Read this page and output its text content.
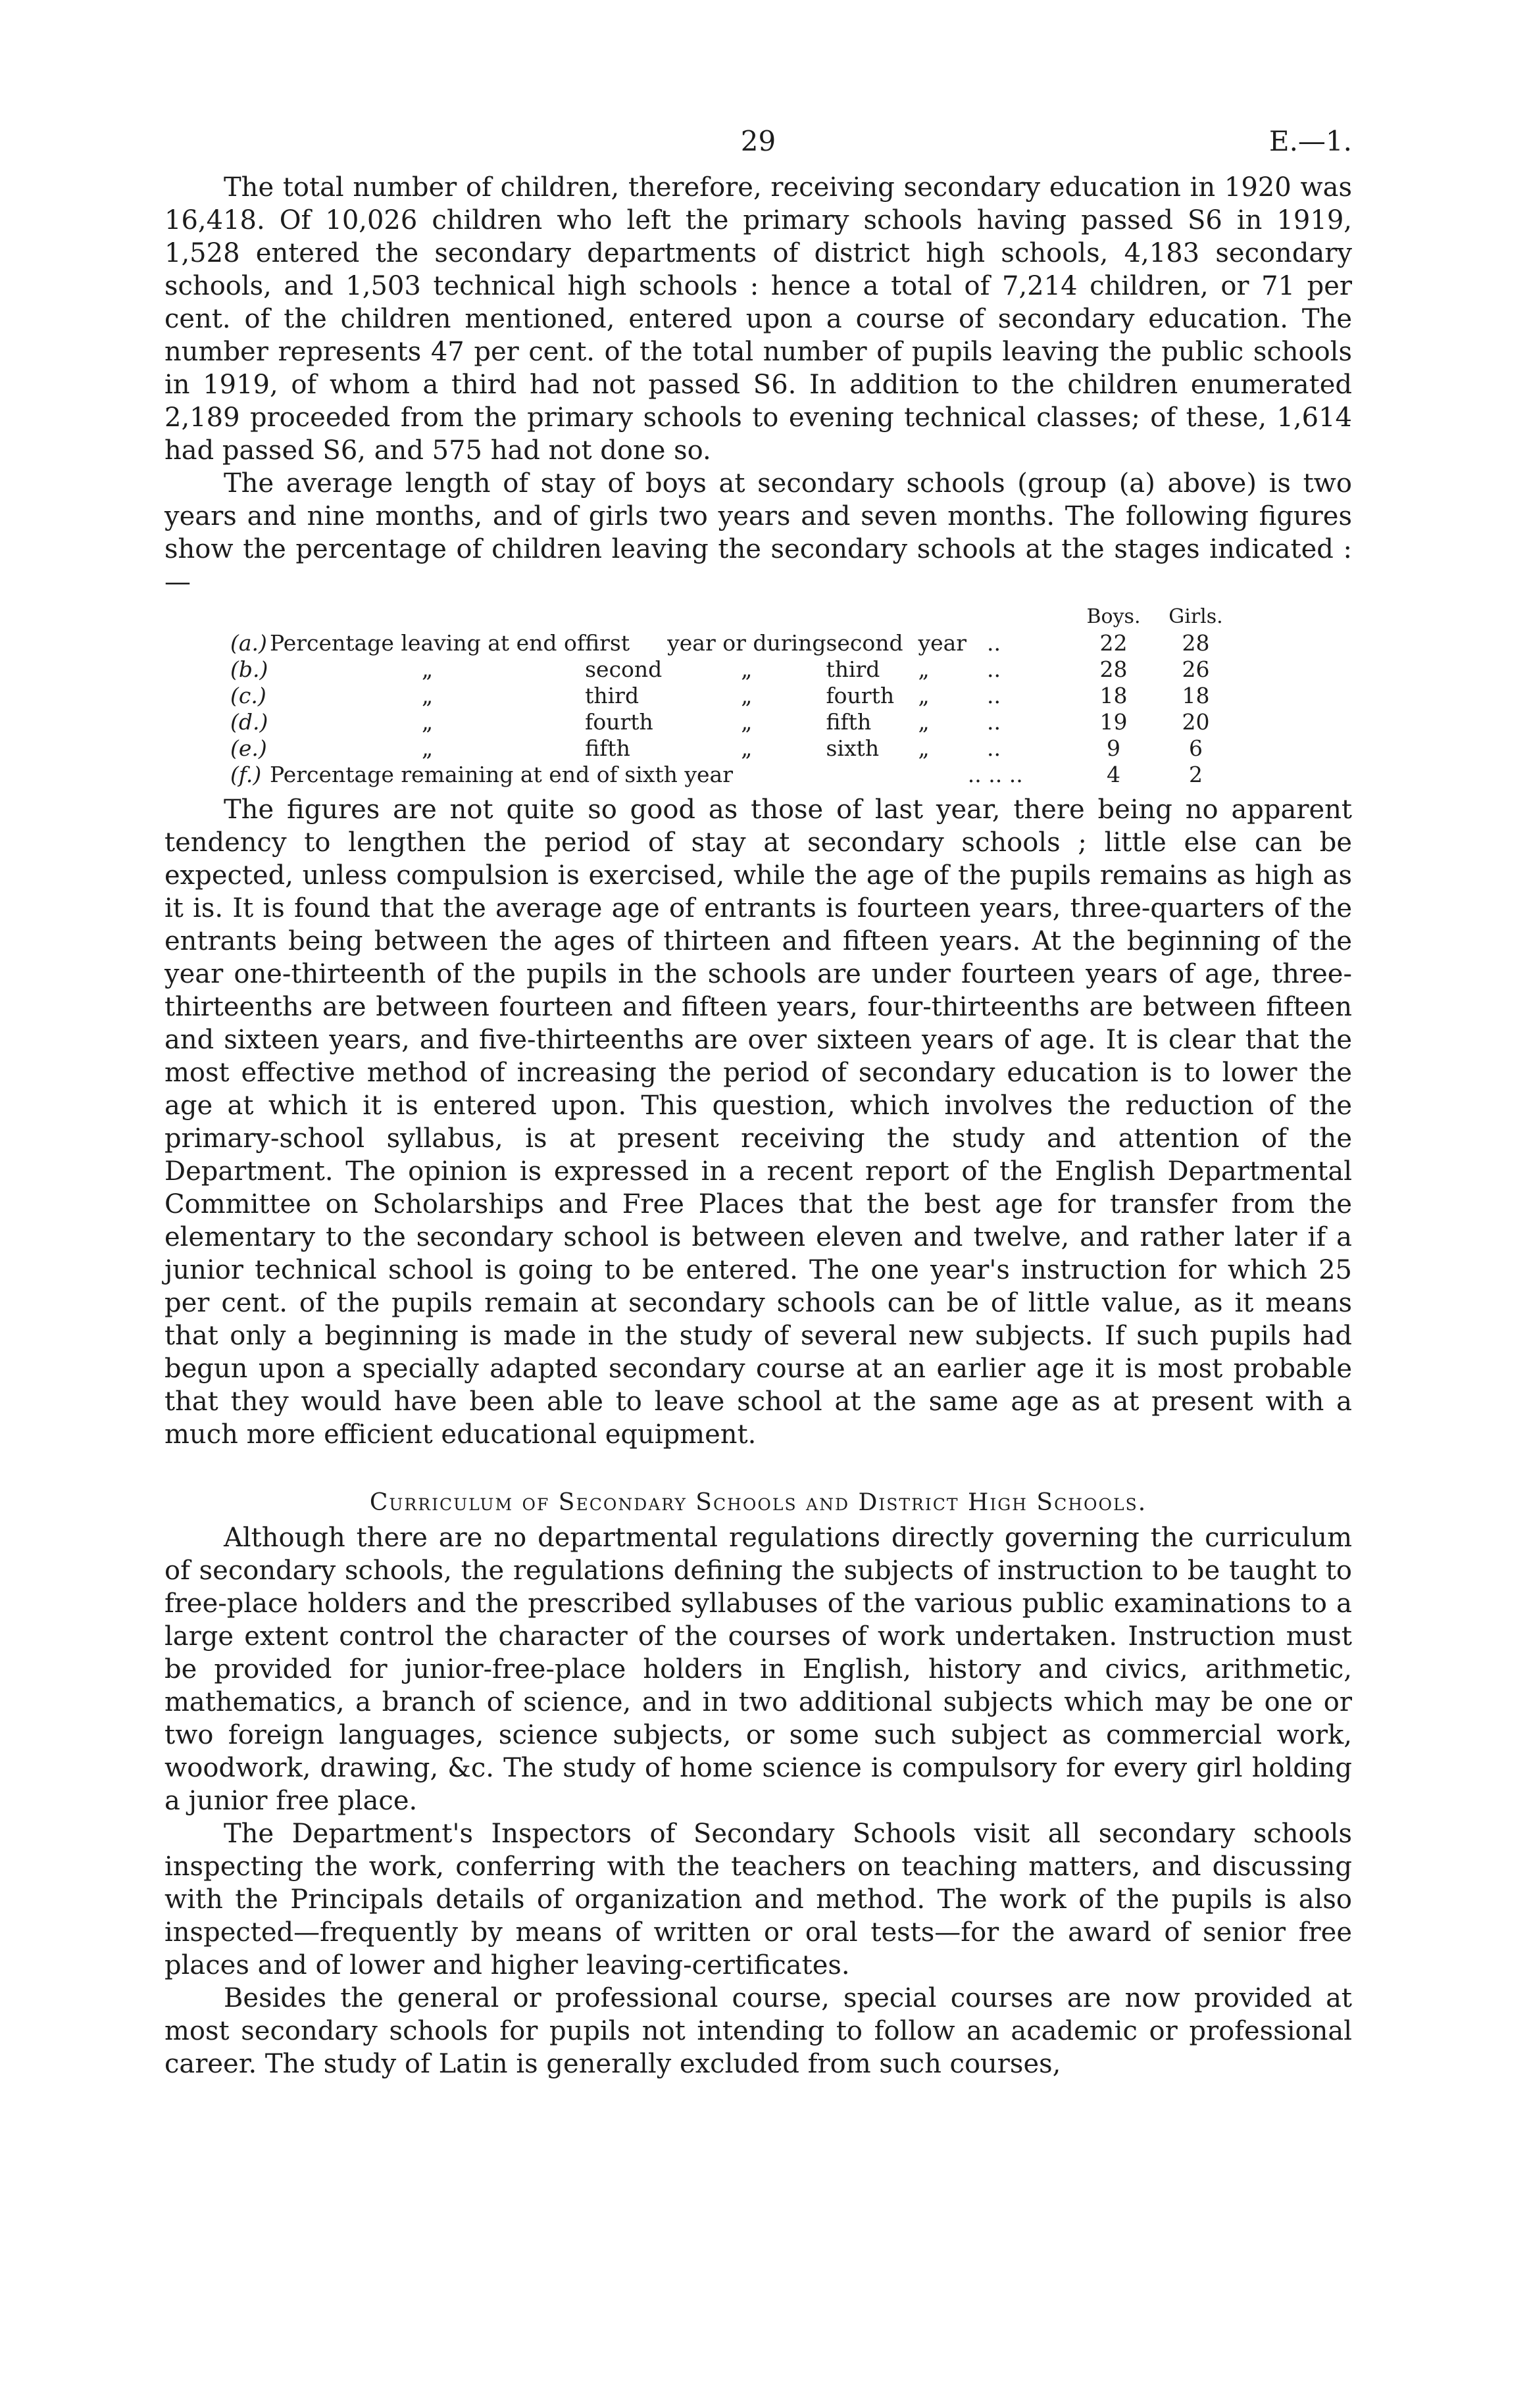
29	E.—1.

The total number of children, therefore, receiving secondary education in 1920 was 16,418. Of 10,026 children who left the primary schools having passed S6 in 1919, 1,528 entered the secondary departments of district high schools, 4,183 secondary schools, and 1,503 technical high schools : hence a total of 7,214 children, or 71 per cent. of the children mentioned, entered upon a course of secondary education. The number represents 47 per cent. of the total number of pupils leaving the public schools in 1919, of whom a third had not passed S6. In addition to the children enumerated 2,189 proceeded from the primary schools to evening technical classes; of these, 1,614 had passed S6, and 575 had not done so.

The average length of stay of boys at secondary schools (group (a) above) is two years and nine months, and of girls two years and seven months. The following figures show the percentage of children leaving the secondary schools at the stages indicated :—

								Boys.	Girls.
(a.)	Percentage leaving at end of	first	year or during	second	year	..		22	28
(b.)	„	second	„	third	„	..		28	26
(c.)	„	third	„	fourth	„	..		18	18
(d.)	„	fourth	„	fifth	„	..		19	20
(e.)	„	fifth	„	sixth	„	..		9	6
(f.)	Percentage remaining at end of sixth year				.. .. ..			4	2

The figures are not quite so good as those of last year, there being no apparent tendency to lengthen the period of stay at secondary schools ; little else can be expected, unless compulsion is exercised, while the age of the pupils remains as high as it is. It is found that the average age of entrants is fourteen years, three-quarters of the entrants being between the ages of thirteen and fifteen years. At the beginning of the year one-thirteenth of the pupils in the schools are under fourteen years of age, three-thirteenths are between fourteen and fifteen years, four-thirteenths are between fifteen and sixteen years, and five-thirteenths are over sixteen years of age. It is clear that the most effective method of increasing the period of secondary education is to lower the age at which it is entered upon. This question, which involves the reduction of the primary-school syllabus, is at present receiving the study and attention of the Department. The opinion is expressed in a recent report of the English Departmental Committee on Scholarships and Free Places that the best age for transfer from the elementary to the secondary school is between eleven and twelve, and rather later if a junior technical school is going to be entered. The one year's instruction for which 25 per cent. of the pupils remain at secondary schools can be of little value, as it means that only a beginning is made in the study of several new subjects. If such pupils had begun upon a specially adapted secondary course at an earlier age it is most probable that they would have been able to leave school at the same age as at present with a much more efficient educational equipment.

Curriculum of Secondary Schools and District High Schools.

Although there are no departmental regulations directly governing the curriculum of secondary schools, the regulations defining the subjects of instruction to be taught to free-place holders and the prescribed syllabuses of the various public examinations to a large extent control the character of the courses of work undertaken. Instruction must be provided for junior-free-place holders in English, history and civics, arithmetic, mathematics, a branch of science, and in two additional subjects which may be one or two foreign languages, science subjects, or some such subject as commercial work, woodwork, drawing, &c. The study of home science is compulsory for every girl holding a junior free place.

The Department's Inspectors of Secondary Schools visit all secondary schools inspecting the work, conferring with the teachers on teaching matters, and discussing with the Principals details of organization and method. The work of the pupils is also inspected—frequently by means of written or oral tests—for the award of senior free places and of lower and higher leaving-certificates.

Besides the general or professional course, special courses are now provided at most secondary schools for pupils not intending to follow an academic or professional career. The study of Latin is generally excluded from such courses,
